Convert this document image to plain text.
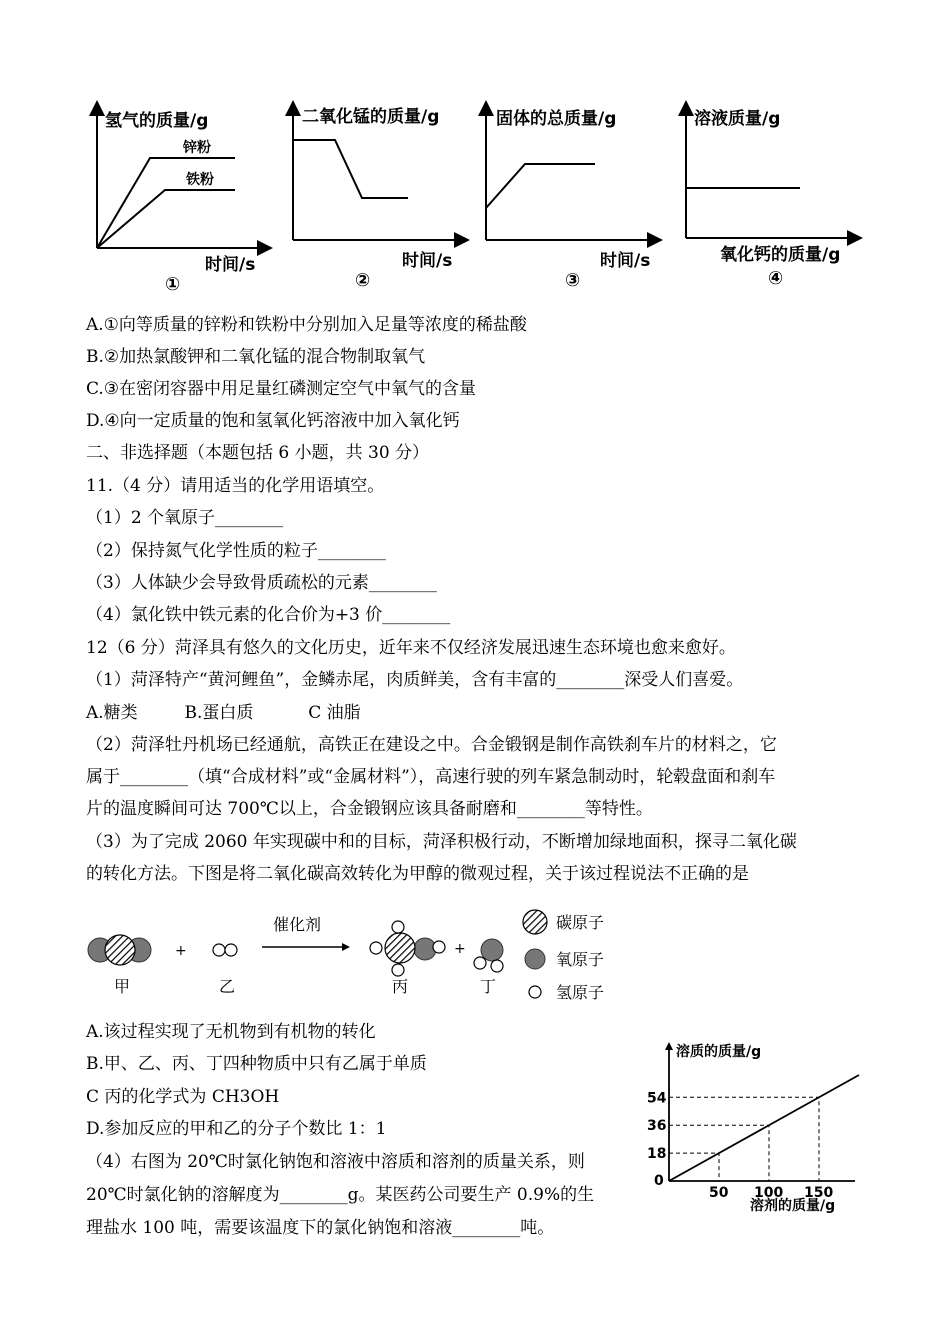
氢气的质量/g
锌粉
铁粉
时间/s
①
二氧化锰的质量/g
时间/s
②
固体的总质量/g
时间/s
③
溶液质量/g
氧化钙的质量/g
④
A.①向等质量的锌粉和铁粉中分别加入足量等浓度的稀盐酸
B.②加热氯酸钾和二氧化锰的混合物制取氧气
C.③在密闭容器中用足量红磷测定空气中氧气的含量
D.④向一定质量的饱和氢氧化钙溶液中加入氧化钙
二、非选择题（本题包括 6 小题，共 30 分）
11.（4 分）请用适当的化学用语填空。
（1）2 个氧原子________
（2）保持氮气化学性质的粒子________
（3）人体缺少会导致骨质疏松的元素________
（4）氯化铁中铁元素的化合价为+3 价________
12（6 分）菏泽具有悠久的文化历史，近年来不仅经济发展迅速生态环境也愈来愈好。
（1）菏泽特产“黄河鲤鱼”，金鳞赤尾，肉质鲜美，含有丰富的________深受人们喜爱。
A.糖类	B.蛋白质	C 油脂
（2）菏泽牡丹机场已经通航，高铁正在建设之中。合金锻钢是制作高铁刹车片的材料之，它
属于________（填“合成材料”或“金属材料”），高速行驶的列车紧急制动时，轮毂盘面和刹车
片的温度瞬间可达 700℃以上，合金锻钢应该具备耐磨和________等特性。
（3）为了完成 2060 年实现碳中和的目标，菏泽积极行动，不断增加绿地面积，探寻二氧化碳
的转化方法。下图是将二氧化碳高效转化为甲醇的微观过程，关于该过程说法不正确的是
+
催化剂
+
甲	乙	丙	丁
碳原子
氧原子
氢原子
A.该过程实现了无机物到有机物的转化
B.甲、乙、丙、丁四种物质中只有乙属于单质
C 丙的化学式为 CH3OH
D.参加反应的甲和乙的分子个数比 1：1
（4）右图为 20℃时氯化钠饱和溶液中溶质和溶剂的质量关系，则
20℃时氯化钠的溶解度为________g。某医药公司要生产 0.9%的生
理盐水 100 吨，需要该温度下的氯化钠饱和溶液________吨。
溶质的质量/g
溶剂的质量/g
0
50
18
100
36
150
54
